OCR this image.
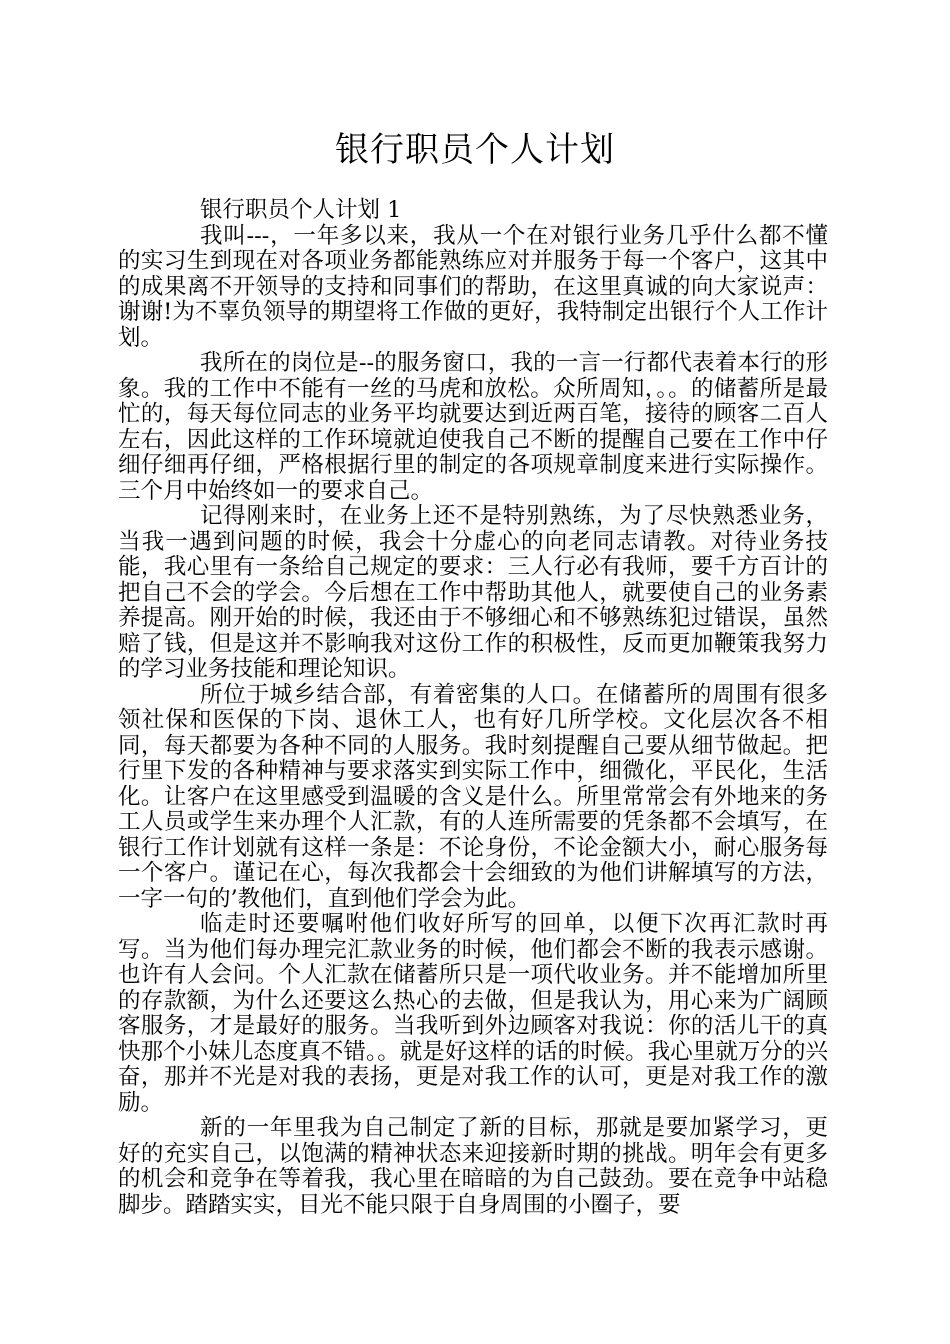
银行职员个人计划

银行职员个人计划 1

我叫---，一年多以来，我从一个在对银行业务几乎什么都不懂的实习生到现在对各项业务都能熟练应对并服务于每一个客户，这其中的成果离不开领导的支持和同事们的帮助，在这里真诚的向大家说声：谢谢!为不辜负领导的期望将工作做的更好，我特制定出银行个人工作计划。

我所在的岗位是--的服务窗口，我的一言一行都代表着本行的形象。我的工作中不能有一丝的马虎和放松。众所周知，。。的储蓄所是最忙的，每天每位同志的业务平均就要达到近两百笔，接待的顾客二百人左右，因此这样的工作环境就迫使我自己不断的提醒自己要在工作中仔细仔细再仔细，严格根据行里的制定的各项规章制度来进行实际操作。三个月中始终如一的要求自己。

记得刚来时，在业务上还不是特别熟练，为了尽快熟悉业务，当我一遇到问题的时候，我会十分虚心的向老同志请教。对待业务技能，我心里有一条给自己规定的要求：三人行必有我师，要千方百计的把自己不会的学会。今后想在工作中帮助其他人，就要使自己的业务素养提高。刚开始的时候，我还由于不够细心和不够熟练犯过错误，虽然赔了钱，但是这并不影响我对这份工作的积极性，反而更加鞭策我努力的学习业务技能和理论知识。

所位于城乡结合部，有着密集的人口。在储蓄所的周围有很多领社保和医保的下岗、退休工人，也有好几所学校。文化层次各不相同，每天都要为各种不同的人服务。我时刻提醒自己要从细节做起。把行里下发的各种精神与要求落实到实际工作中，细微化，平民化，生活化。让客户在这里感受到温暖的含义是什么。所里常常会有外地来的务工人员或学生来办理个人汇款，有的人连所需要的凭条都不会填写，在银行工作计划就有这样一条是：不论身份，不论金额大小，耐心服务每一个客户。谨记在心，每次我都会十会细致的为他们讲解填写的方法，一字一句的’教他们，直到他们学会为此。

临走时还要嘱咐他们收好所写的回单，以便下次再汇款时再写。当为他们每办理完汇款业务的时候，他们都会不断的我表示感谢。也许有人会问。个人汇款在储蓄所只是一项代收业务。并不能增加所里的存款额，为什么还要这么热心的去做，但是我认为，用心来为广阔顾客服务，才是最好的服务。当我听到外边顾客对我说：你的活儿干的真快那个小妹儿态度真不错。。就是好这样的话的时候。我心里就万分的兴奋，那并不光是对我的表扬，更是对我工作的认可，更是对我工作的激励。

新的一年里我为自己制定了新的目标，那就是要加紧学习，更好的充实自己，以饱满的精神状态来迎接新时期的挑战。明年会有更多的机会和竞争在等着我，我心里在暗暗的为自己鼓劲。要在竞争中站稳脚步。踏踏实实，目光不能只限于自身周围的小圈子，要
